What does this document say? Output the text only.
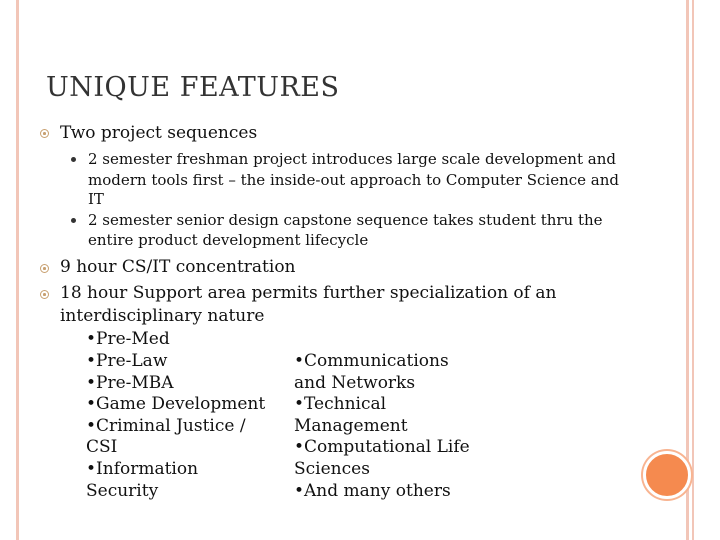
UNIQUE FEATURES
Two project sequences
2 semester freshman project introduces large scale development and
modern tools first – the inside-out approach to Computer Science and
IT
2 semester senior design capstone sequence takes student thru the
entire product development lifecycle
9 hour CS/IT concentration
18 hour Support area permits further specialization of an
interdisciplinary nature
•Pre-Med
•Pre-Law
•Pre-MBA
•Game Development
•Criminal Justice /
CSI
•Information
Security
•Communications
and Networks
•Technical
Management
•Computational Life
Sciences
•And many others
